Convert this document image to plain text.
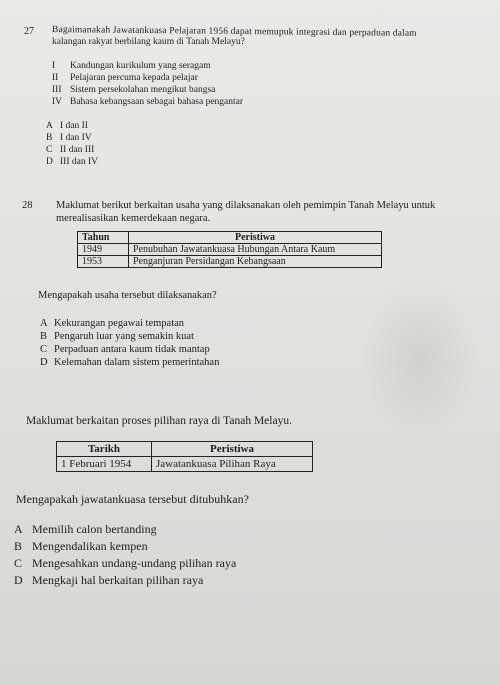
27 Bagaimanakah Jawatankuasa Pelajaran 1956 dapat memupuk integrasi dan perpaduan dalam
kalangan rakyat berbilang kaum di Tanah Melayu?
I Kandungan kurikulum yang seragam
II Pelajaran percuma kepada pelajar
III Sistem persekolahan mengikut bangsa
IV Bahasa kebangsaan sebagai bahasa pengantar
A I dan II
B I dan IV
C II dan III
D III dan IV
28 Maklumat berikut berkaitan usaha yang dilaksanakan oleh pemimpin Tanah Melayu untuk
merealisasikan kemerdekaan negara.
Tahun	Peristiwa
1949	Penubuhan Jawatankuasa Hubungan Antara Kaum
1953	Penganjuran Persidangan Kebangsaan
Mengapakah usaha tersebut dilaksanakan?
A Kekurangan pegawai tempatan
B Pengaruh luar yang semakin kuat
C Perpaduan antara kaum tidak mantap
D Kelemahan dalam sistem pemerintahan
Maklumat berkaitan proses pilihan raya di Tanah Melayu.
Tarikh	Peristiwa
1 Februari 1954	Jawatankuasa Pilihan Raya
Mengapakah jawatankuasa tersebut ditubuhkan?
A Memilih calon bertanding
B Mengendalikan kempen
C Mengesahkan undang-undang pilihan raya
D Mengkaji hal berkaitan pilihan raya
